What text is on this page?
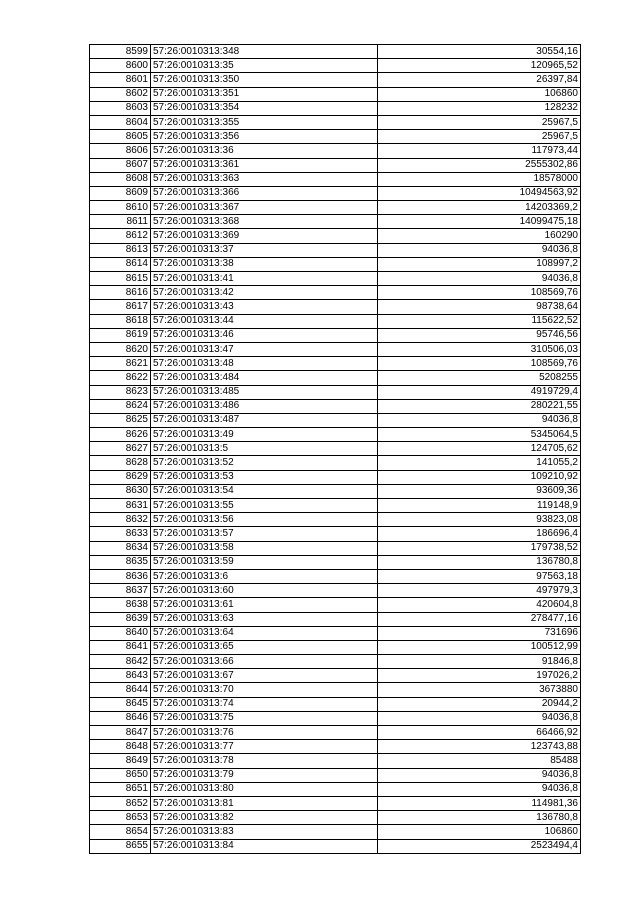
8599	57:26:0010313:348	30554,16
8600	57:26:0010313:35	120965,52
8601	57:26:0010313:350	26397,84
8602	57:26:0010313:351	106860
8603	57:26:0010313:354	128232
8604	57:26:0010313:355	25967,5
8605	57:26:0010313:356	25967,5
8606	57:26:0010313:36	117973,44
8607	57:26:0010313:361	2555302,86
8608	57:26:0010313:363	18578000
8609	57:26:0010313:366	10494563,92
8610	57:26:0010313:367	14203369,2
8611	57:26:0010313:368	14099475,18
8612	57:26:0010313:369	160290
8613	57:26:0010313:37	94036,8
8614	57:26:0010313:38	108997,2
8615	57:26:0010313:41	94036,8
8616	57:26:0010313:42	108569,76
8617	57:26:0010313:43	98738,64
8618	57:26:0010313:44	115622,52
8619	57:26:0010313:46	95746,56
8620	57:26:0010313:47	310506,03
8621	57:26:0010313:48	108569,76
8622	57:26:0010313:484	5208255
8623	57:26:0010313:485	4919729,4
8624	57:26:0010313:486	280221,55
8625	57:26:0010313:487	94036,8
8626	57:26:0010313:49	5345064,5
8627	57:26:0010313:5	124705,62
8628	57:26:0010313:52	141055,2
8629	57:26:0010313:53	109210,92
8630	57:26:0010313:54	93609,36
8631	57:26:0010313:55	119148,9
8632	57:26:0010313:56	93823,08
8633	57:26:0010313:57	186696,4
8634	57:26:0010313:58	179738,52
8635	57:26:0010313:59	136780,8
8636	57:26:0010313:6	97563,18
8637	57:26:0010313:60	497979,3
8638	57:26:0010313:61	420604,8
8639	57:26:0010313:63	278477,16
8640	57:26:0010313:64	731696
8641	57:26:0010313:65	100512,99
8642	57:26:0010313:66	91846,8
8643	57:26:0010313:67	197026,2
8644	57:26:0010313:70	3673880
8645	57:26:0010313:74	20944,2
8646	57:26:0010313:75	94036,8
8647	57:26:0010313:76	66466,92
8648	57:26:0010313:77	123743,88
8649	57:26:0010313:78	85488
8650	57:26:0010313:79	94036,8
8651	57:26:0010313:80	94036,8
8652	57:26:0010313:81	114981,36
8653	57:26:0010313:82	136780,8
8654	57:26:0010313:83	106860
8655	57:26:0010313:84	2523494,4
